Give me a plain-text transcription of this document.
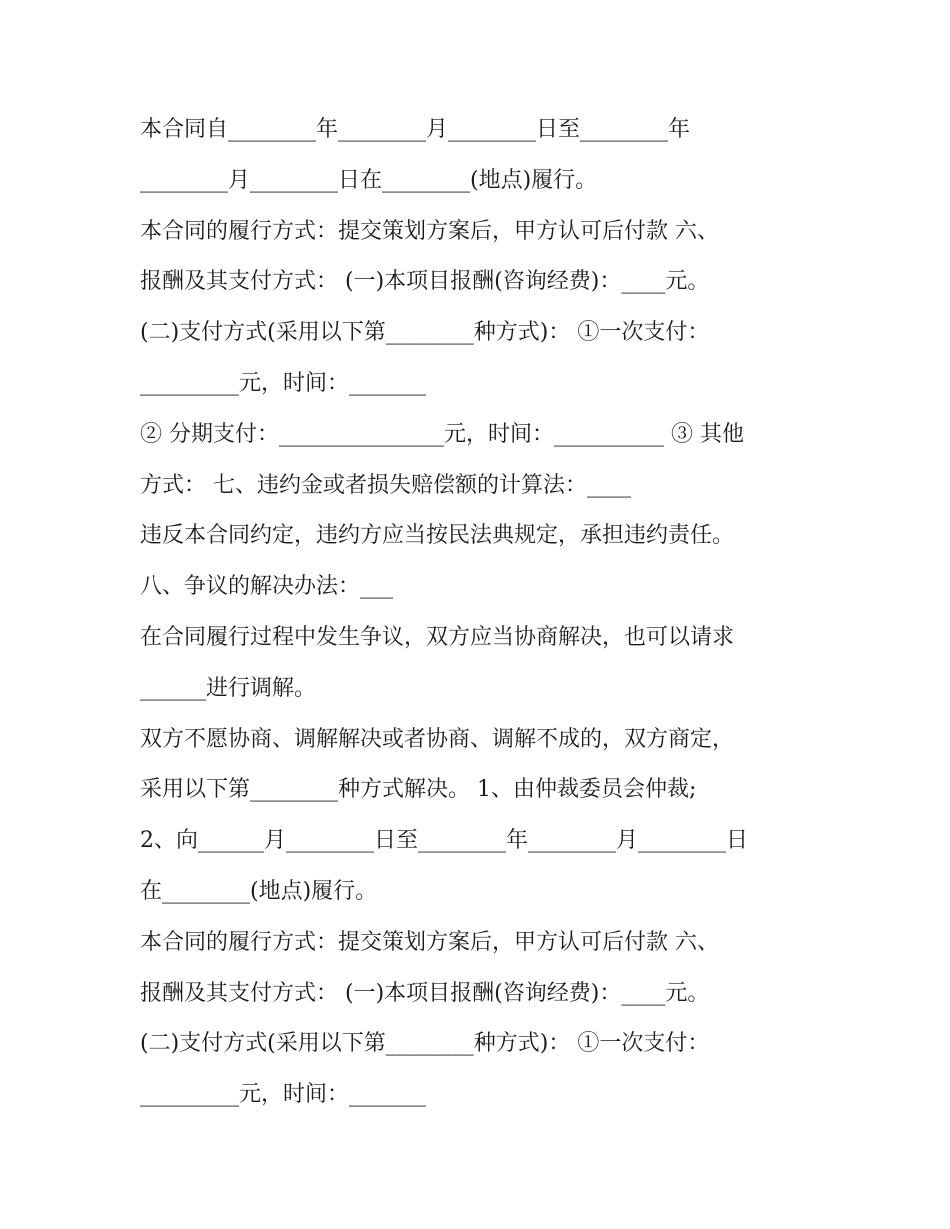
本合同自________年________月________日至________年
________月________日在________(地点)履行。
本合同的履行方式：提交策划方案后，甲方认可后付款 六、
报酬及其支付方式： (一)本项目报酬(咨询经费)：____元。
(二)支付方式(采用以下第________种方式)： ①一次支付：
_________元，时间：_______
② 分期支付：_______________元，时间：__________ ③ 其他
方式： 七、违约金或者损失赔偿额的计算法：____
违反本合同约定，违约方应当按民法典规定，承担违约责任。
八、争议的解决办法：___
在合同履行过程中发生争议，双方应当协商解决，也可以请求
______进行调解。
双方不愿协商、调解解决或者协商、调解不成的，双方商定，
采用以下第________种方式解决。 1、由仲裁委员会仲裁;
2、向______月________日至________年________月________日
在________(地点)履行。
本合同的履行方式：提交策划方案后，甲方认可后付款 六、
报酬及其支付方式： (一)本项目报酬(咨询经费)：____元。
(二)支付方式(采用以下第________种方式)： ①一次支付：
_________元，时间：_______
